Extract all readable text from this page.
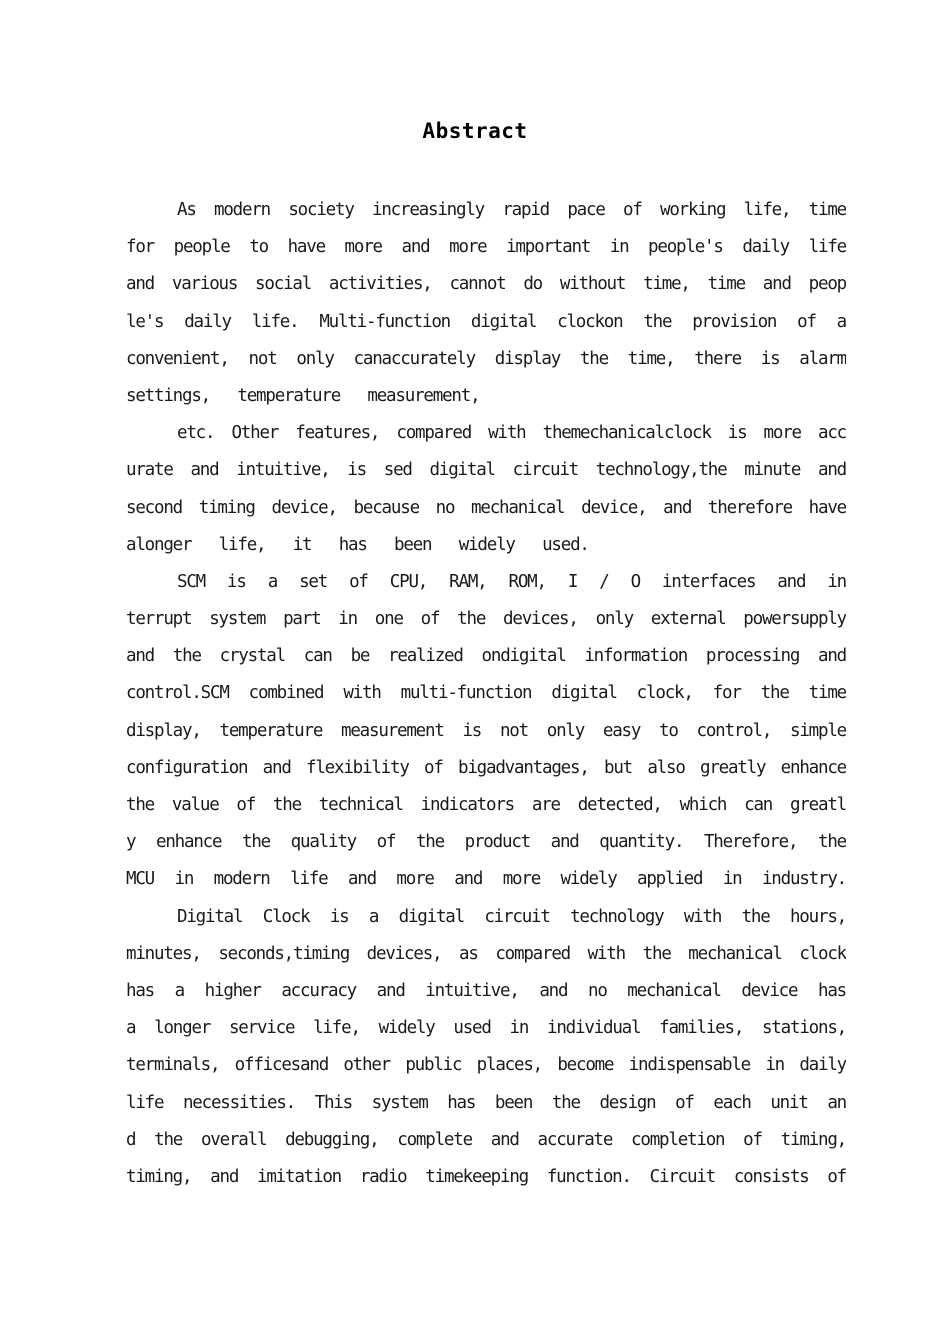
Abstract
As modern society increasingly rapid pace of working life, time
for people to have more and more important in people's daily life
and various social activities, cannot do without time, time and peop
le's daily life. Multi-function digital clockon the provision of a
convenient, not only canaccurately display the time, there is alarm
settings, temperature measurement,
etc. Other features, compared with themechanicalclock is more acc
urate and intuitive, is sed digital circuit technology,the minute and
second timing device, because no mechanical device, and therefore have
alonger life, it has been widely used.
SCM is a set of CPU, RAM, ROM, I / O interfaces and in
terrupt system part in one of the devices, only external powersupply
and the crystal can be realized ondigital information processing and
control.SCM combined with multi-function digital clock, for the time
display, temperature measurement is not only easy to control, simple
configuration and flexibility of bigadvantages, but also greatly enhance
the value of the technical indicators are detected, which can greatl
y enhance the quality of the product and quantity. Therefore, the
MCU in modern life and more and more widely applied in industry.
Digital Clock is a digital circuit technology with the hours,
minutes, seconds,timing devices, as compared with the mechanical clock
has a higher accuracy and intuitive, and no mechanical device has
a longer service life, widely used in individual families, stations,
terminals, officesand other public places, become indispensable in daily
life necessities. This system has been the design of each unit an
d the overall debugging, complete and accurate completion of timing,
timing, and imitation radio timekeeping function. Circuit consists of
